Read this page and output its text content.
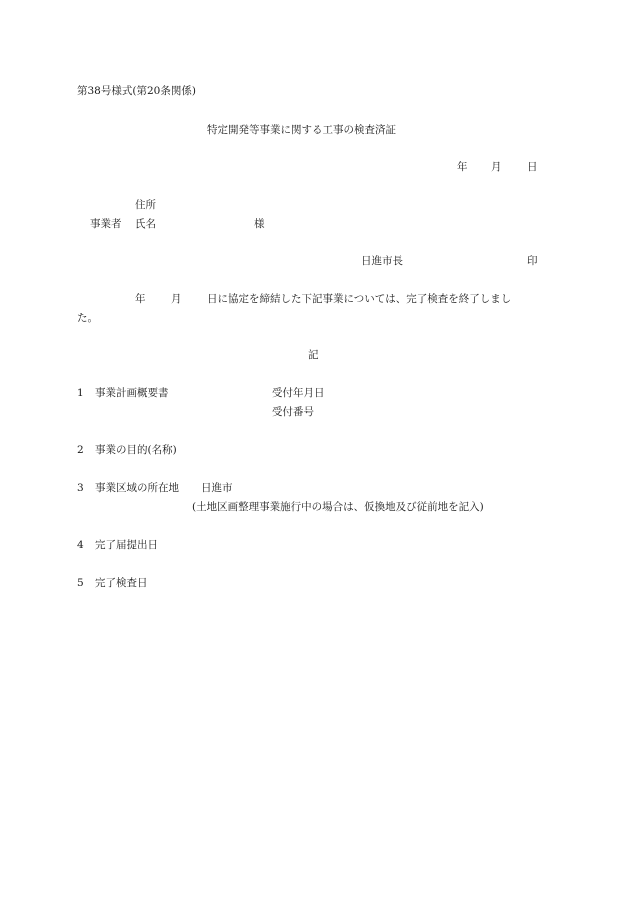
第38号様式(第20条関係)
特定開発等事業に関する工事の検査済証
年 月 日
住所
事業者 氏名	様
日進市長	印
年 月 日に協定を締結した下記事業については、完了検査を終了しまし
た。
記
1 事業計画概要書	受付年月日
受付番号
2 事業の目的(名称)
3 事業区域の所在地 日進市
(土地区画整理事業施行中の場合は、仮換地及び従前地を記入)
4 完了届提出日
5 完了検査日
